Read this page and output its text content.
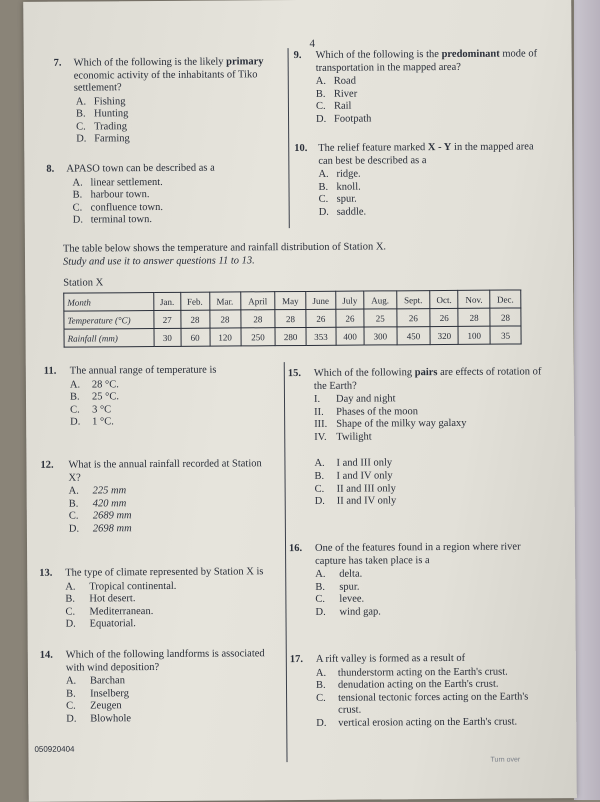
4
7. Which of the following is the likely primary economic activity of the inhabitants of Tiko settlement?
A. Fishing
B. Hunting
C. Trading
D. Farming
8. APASO town can be described as a
A. linear settlement.
B. harbour town.
C. confluence town.
D. terminal town.
9. Which of the following is the predominant mode of transportation in the mapped area?
A. Road
B. River
C. Rail
D. Footpath
10. The relief feature marked X - Y in the mapped area can best be described as a
A. ridge.
B. knoll.
C. spur.
D. saddle.
The table below shows the temperature and rainfall distribution of Station X.
Study and use it to answer questions 11 to 13.
Station X
Month	Jan.	Feb.	Mar.	April	May	June	July	Aug.	Sept.	Oct.	Nov.	Dec.
Temperature (°C)	27	28	28	28	28	26	26	25	26	26	28	28
Rainfall (mm)	30	60	120	250	280	353	400	300	450	320	100	35
11. The annual range of temperature is
A.	28 °C.
B.	25 °C.
C.	3 °C
D.	1 °C.
12. What is the annual rainfall recorded at Station X?
A.	225 mm
B.	420 mm
C.	2689 mm
D.	2698 mm
13. The type of climate represented by Station X is
A.	Tropical continental.
B.	Hot desert.
C.	Mediterranean.
D.	Equatorial.
14. Which of the following landforms is associated with wind deposition?
A.	Barchan
B.	Inselberg
C.	Zeugen
D.	Blowhole
15. Which of the following pairs are effects of rotation of the Earth?
I.	Day and night
II.	Phases of the moon
III. Shape of the milky way galaxy
IV. Twilight
A.	I and III only
B.	I and IV only
C.	II and III only
D.	II and IV only
16. One of the features found in a region where river capture has taken place is a
A.	delta.
B.	spur.
C.	levee.
D.	wind gap.
17. A rift valley is formed as a result of
A.	thunderstorm acting on the Earth's crust.
B.	denudation acting on the Earth's crust.
C.	tensional tectonic forces acting on the Earth's crust.
D.	vertical erosion acting on the Earth's crust.
050920404
Turn over
